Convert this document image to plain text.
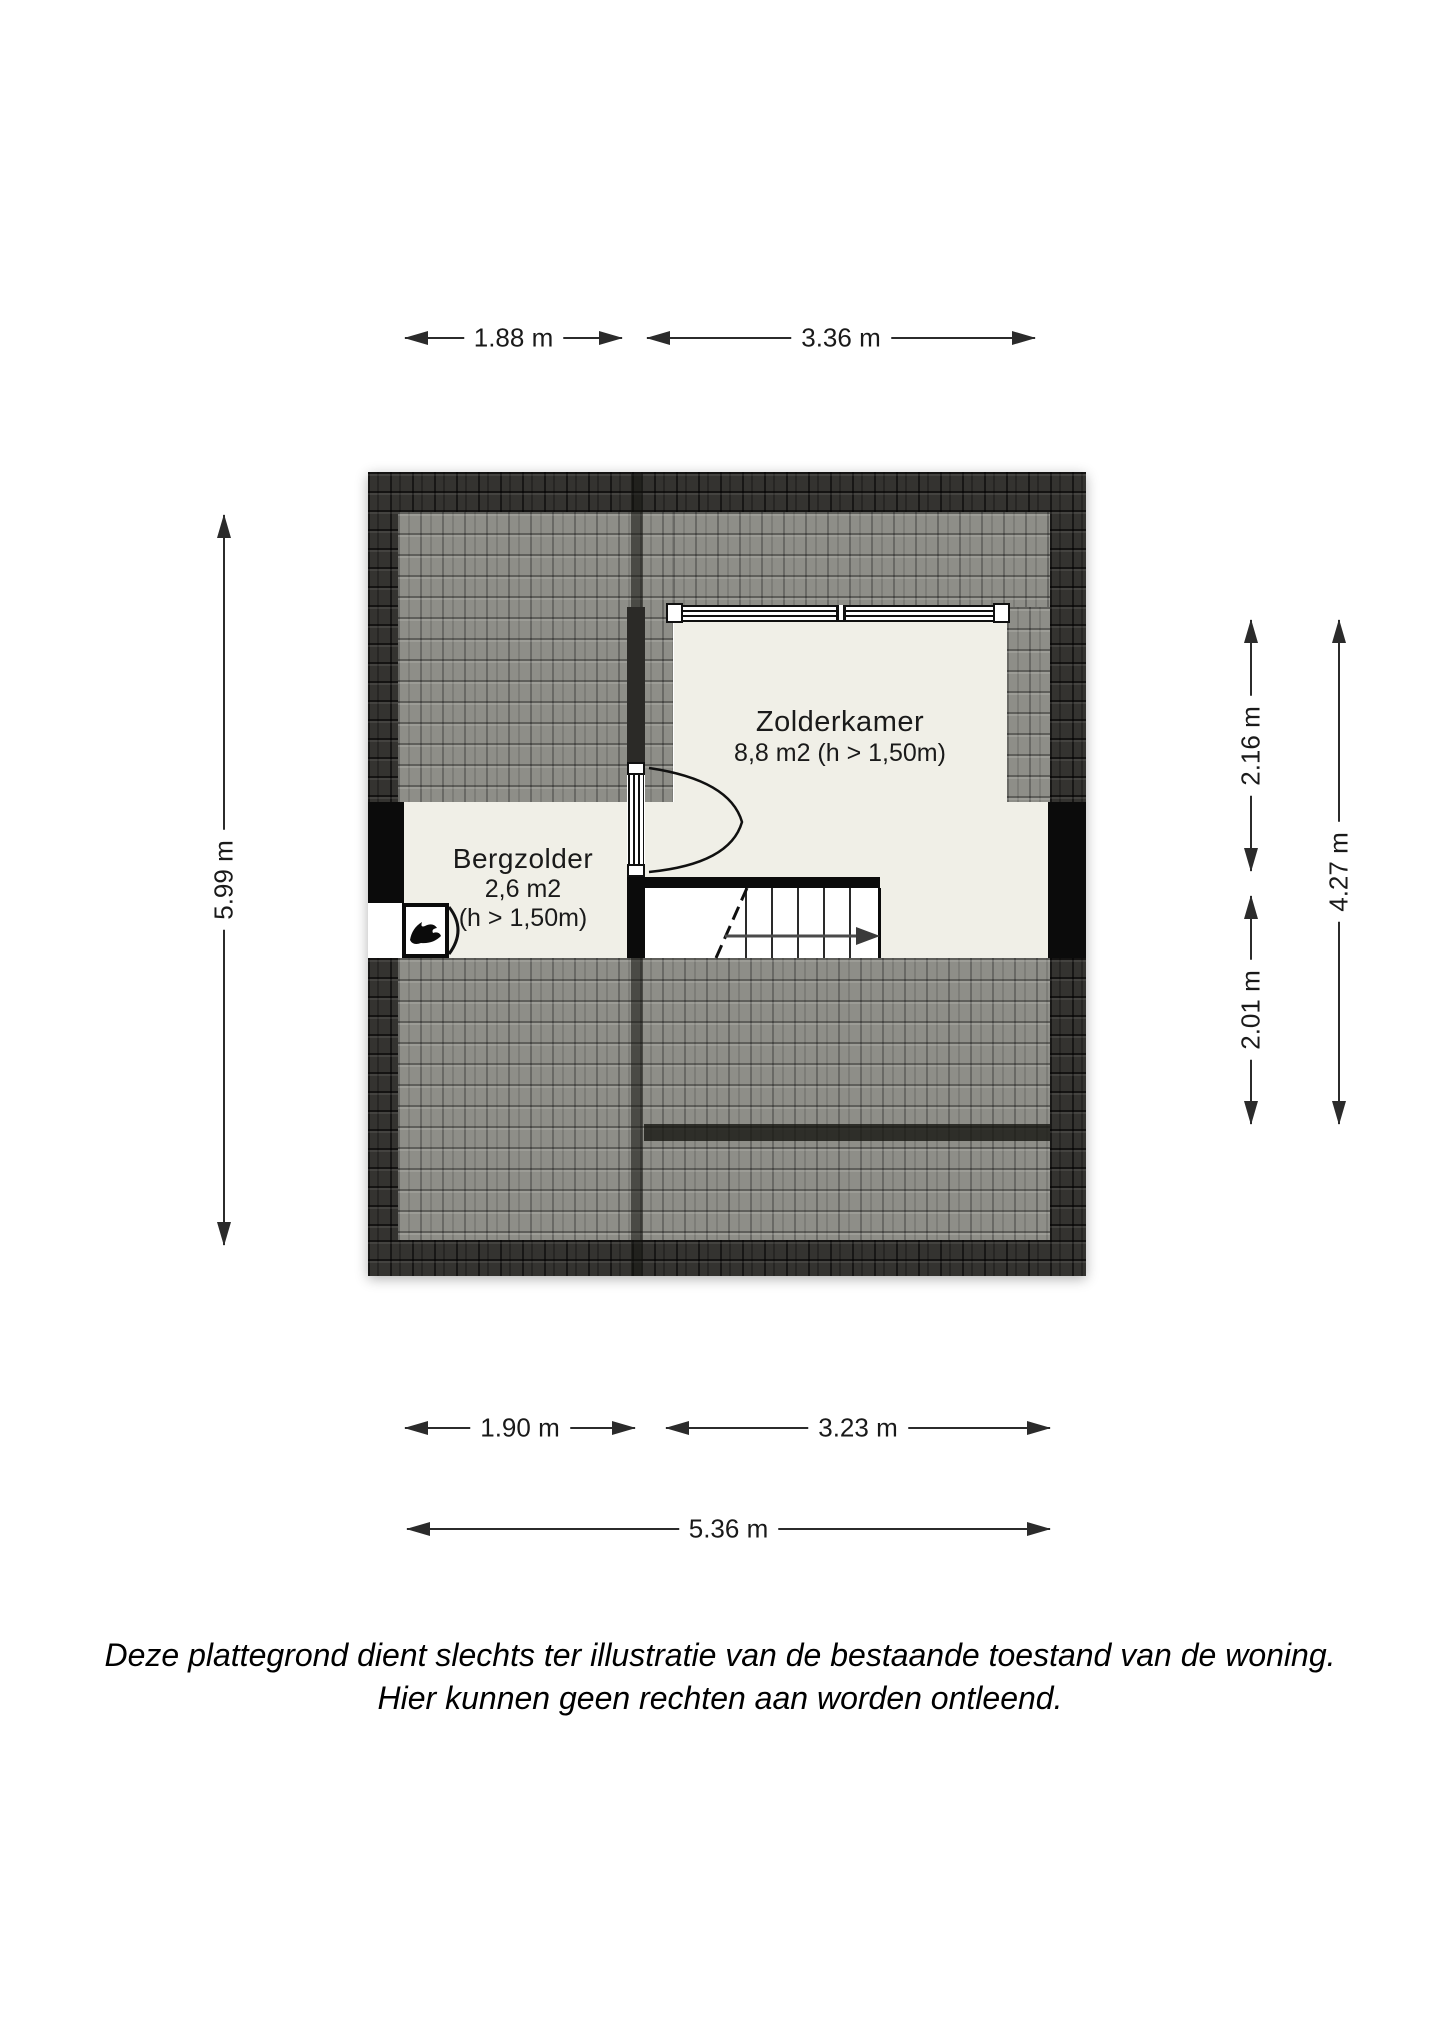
1.88 m	3.36 m
5.99 m
2.16 m
2.01 m
4.27 m
Zolderkamer
8,8 m2 (h > 1,50m)
Bergzolder
2,6 m2
(h > 1,50m)
1.90 m	3.23 m
5.36 m
Deze plattegrond dient slechts ter illustratie van de bestaande toestand van de woning.
Hier kunnen geen rechten aan worden ontleend.
